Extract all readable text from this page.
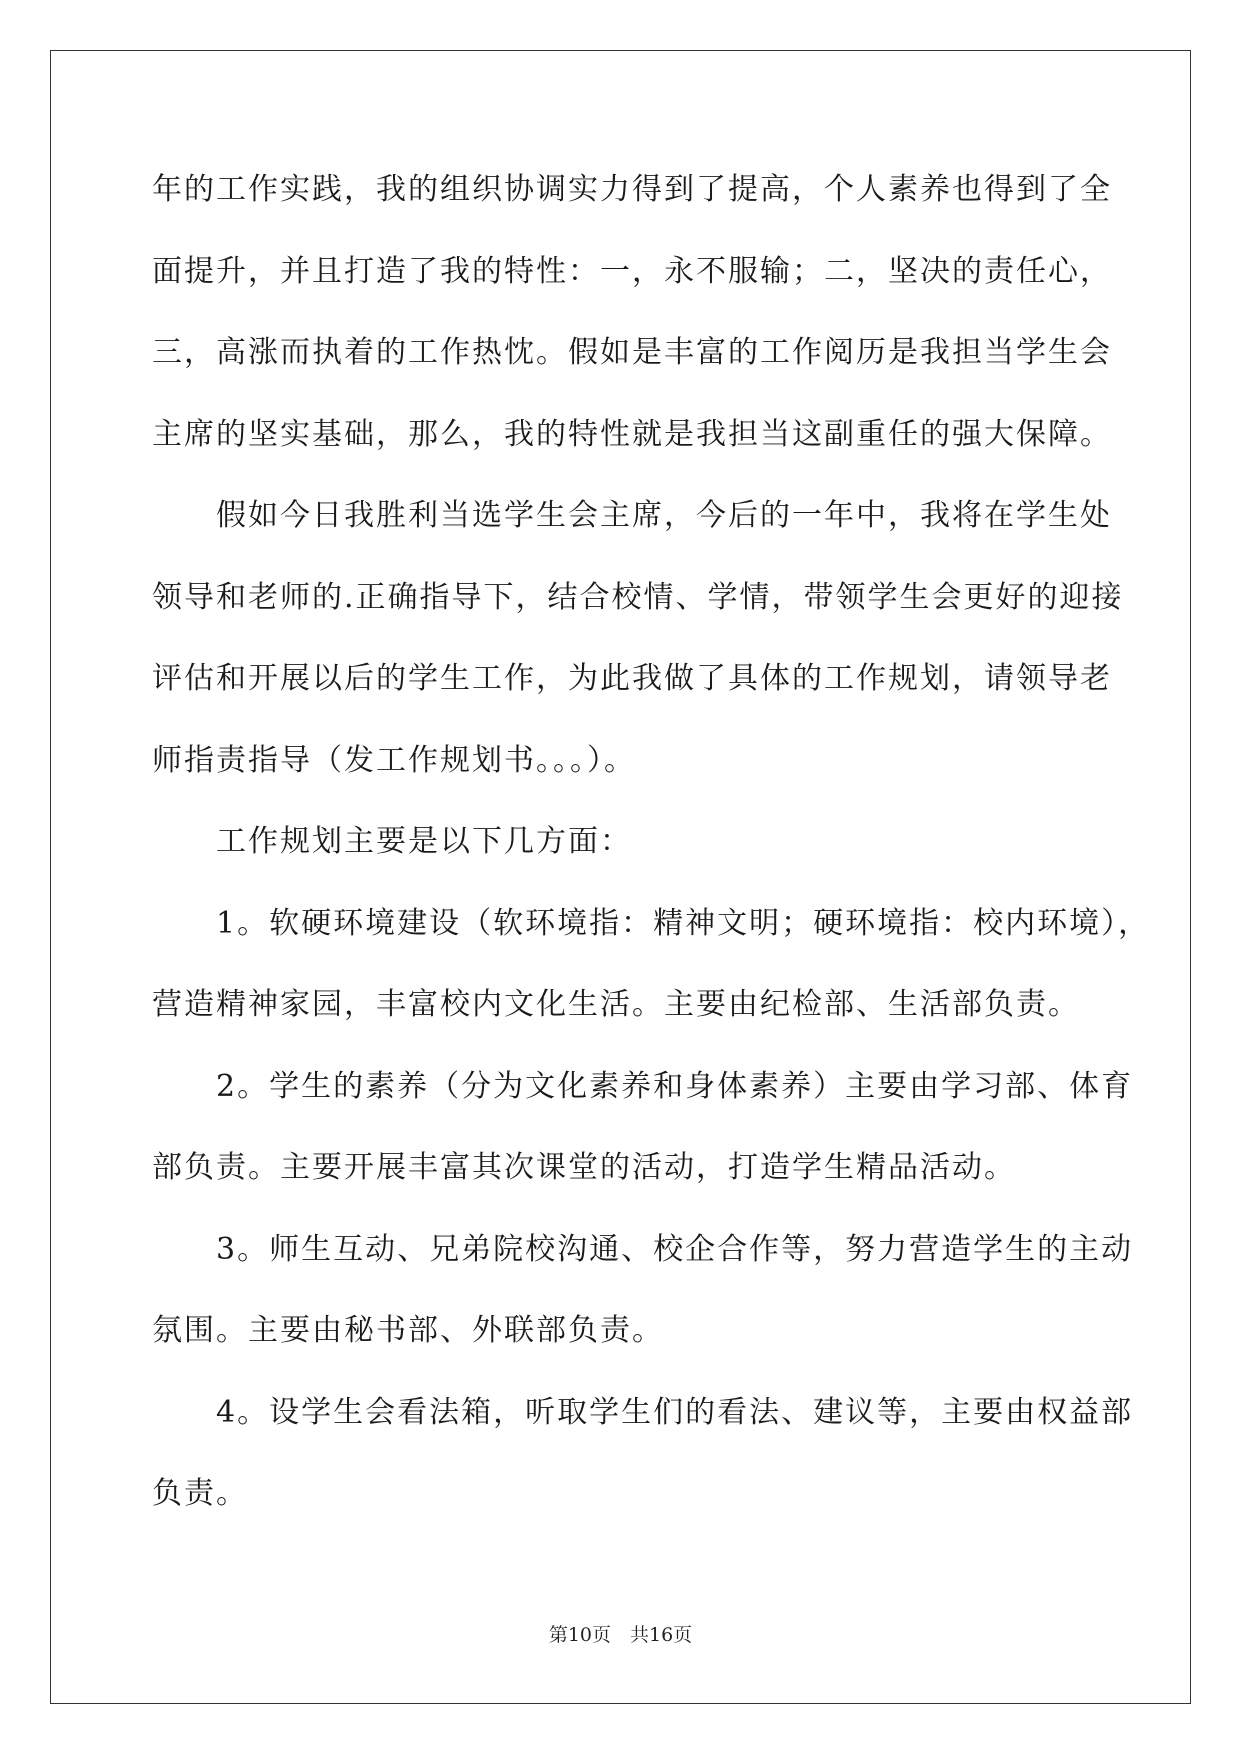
年的工作实践，我的组织协调实力得到了提高，个人素养也得到了全
面提升，并且打造了我的特性：一，永不服输；二，坚决的责任心，
三，高涨而执着的工作热忱。假如是丰富的工作阅历是我担当学生会
主席的坚实基础，那么，我的特性就是我担当这副重任的强大保障。
假如今日我胜利当选学生会主席，今后的一年中，我将在学生处
领导和老师的.正确指导下，结合校情、学情，带领学生会更好的迎接
评估和开展以后的学生工作，为此我做了具体的工作规划，请领导老
师指责指导（发工作规划书。。。）。
工作规划主要是以下几方面：
1。软硬环境建设（软环境指：精神文明；硬环境指：校内环境），
营造精神家园，丰富校内文化生活。主要由纪检部、生活部负责。
2。学生的素养（分为文化素养和身体素养）主要由学习部、体育
部负责。主要开展丰富其次课堂的活动，打造学生精品活动。
3。师生互动、兄弟院校沟通、校企合作等，努力营造学生的主动
氛围。主要由秘书部、外联部负责。
4。设学生会看法箱，听取学生们的看法、建议等，主要由权益部
负责。
第10页　共16页
